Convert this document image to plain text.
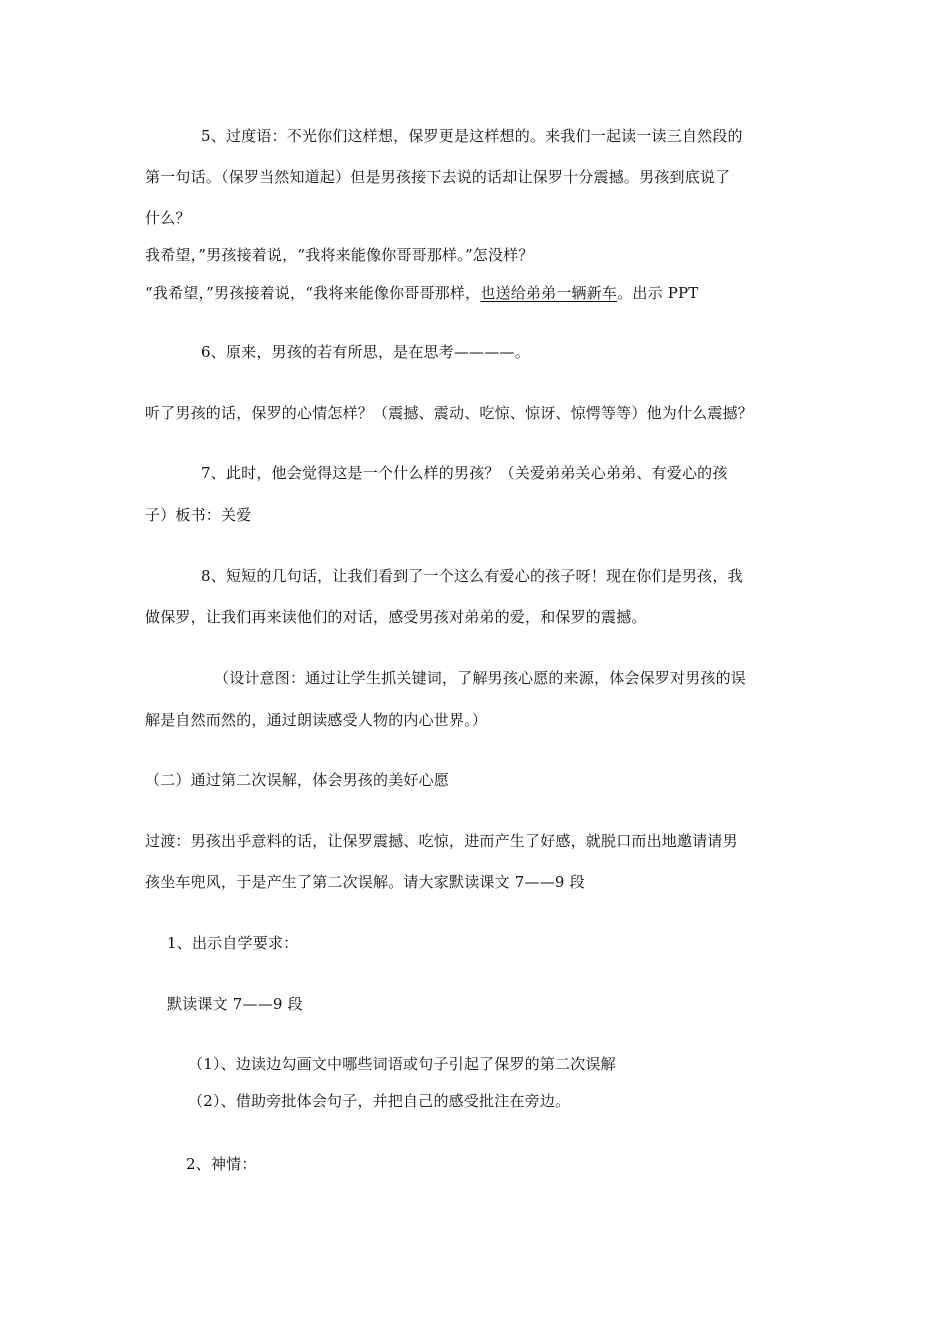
5、过度语：不光你们这样想，保罗更是这样想的。来我们一起读一读三自然段的
第一句话。（保罗当然知道起）但是男孩接下去说的话却让保罗十分震撼。男孩到底说了
什么？
我希望，”男孩接着说，“我将来能像你哥哥那样。”怎没样？
“我希望，”男孩接着说，“我将来能像你哥哥那样，也送给弟弟一辆新车。出示 PPT
6、原来，男孩的若有所思，是在思考————。
听了男孩的话，保罗的心情怎样？（震撼、震动、吃惊、惊讶、惊愕等等）他为什么震撼？
7、此时，他会觉得这是一个什么样的男孩？（关爱弟弟关心弟弟、有爱心的孩
子）板书：关爱
8、短短的几句话，让我们看到了一个这么有爱心的孩子呀！现在你们是男孩，我
做保罗，让我们再来读他们的对话，感受男孩对弟弟的爱，和保罗的震撼。
（设计意图：通过让学生抓关键词，了解男孩心愿的来源，体会保罗对男孩的误
解是自然而然的，通过朗读感受人物的内心世界。）
（二）通过第二次误解，体会男孩的美好心愿
过渡：男孩出乎意料的话，让保罗震撼、吃惊，进而产生了好感，就脱口而出地邀请请男
孩坐车兜风，于是产生了第二次误解。请大家默读课文 7——9 段
1、出示自学要求：
默读课文 7——9 段
（1）、边读边勾画文中哪些词语或句子引起了保罗的第二次误解
（2）、借助旁批体会句子，并把自己的感受批注在旁边。
2、神情：
